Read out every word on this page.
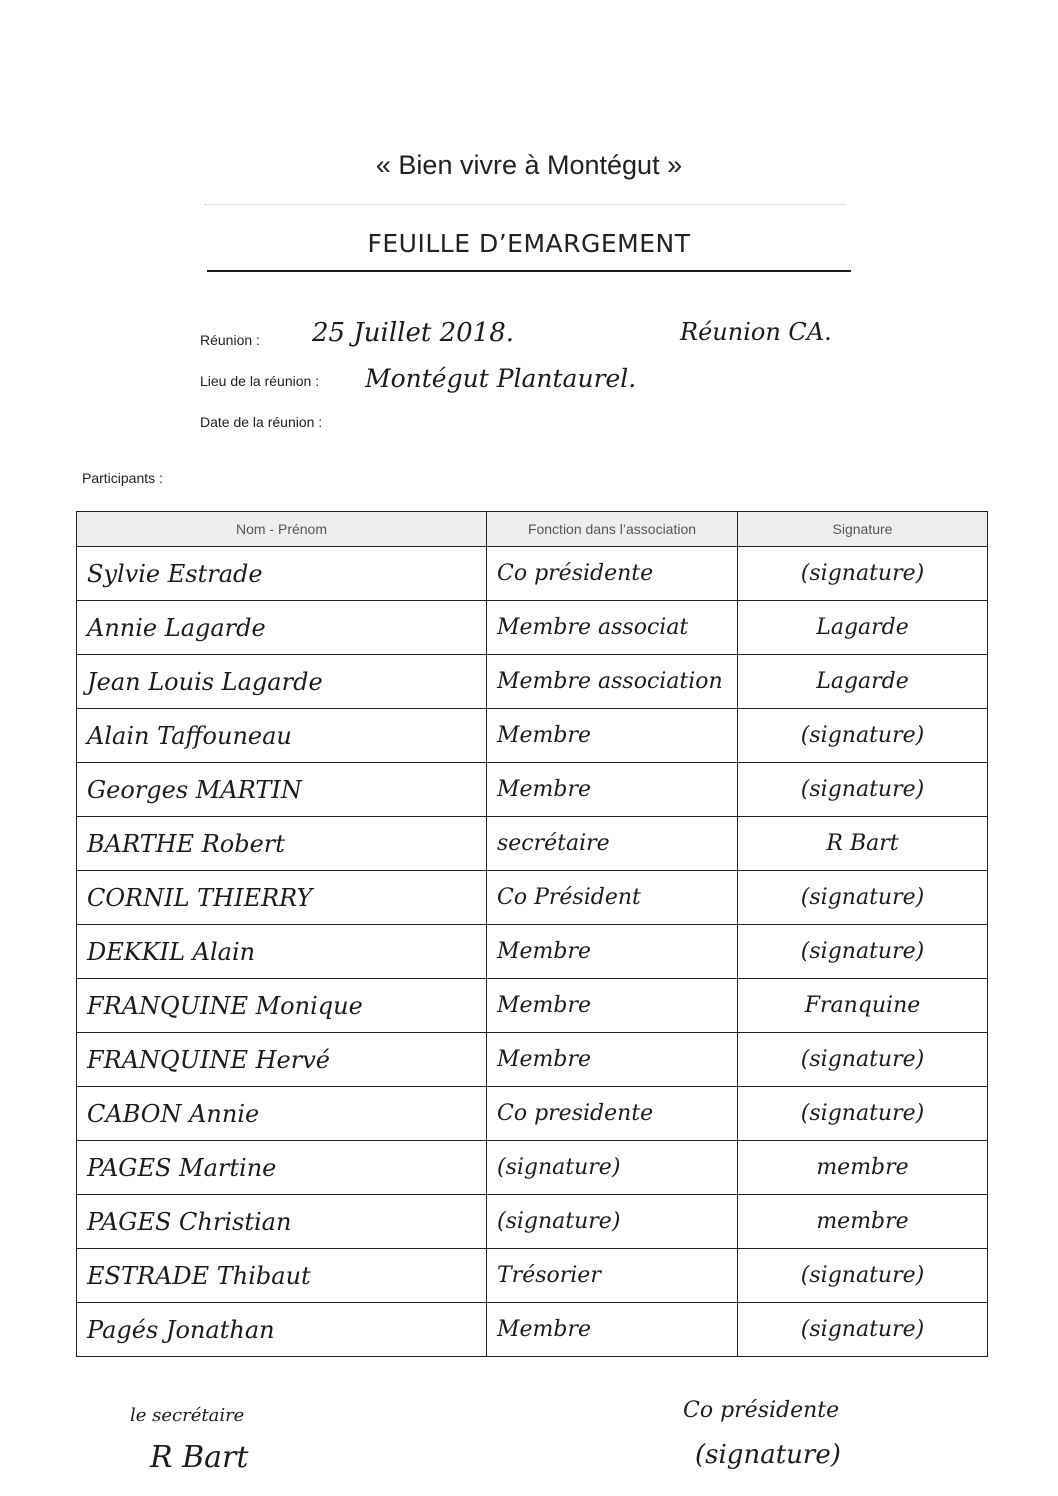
« Bien vivre à Montégut »
FEUILLE D’EMARGEMENT
Réunion : 25 Juillet 2018.	Réunion CA.
Lieu de la réunion : Montégut Plantaurel.
Date de la réunion :
Participants :
Nom - Prénom	Fonction dans l’association	Signature
Sylvie Estrade	Co présidente	(signature)
Annie Lagarde	Membre associat	Lagarde
Jean Louis Lagarde	Membre association	Lagarde
Alain Taffouneau	Membre	(signature)
Georges MARTIN	Membre	(signature)
BARTHE Robert	secrétaire	R Bart
CORNIL THIERRY	Co Président	(signature)
DEKKIL Alain	Membre	(signature)
FRANQUINE Monique	Membre	Franquine
FRANQUINE Hervé	Membre	(signature)
CABON Annie	Co presidente	(signature)
PAGES Martine	(signature)	membre
PAGES Christian	(signature)	membre
ESTRADE Thibaut	Trésorier	(signature)
Pagés Jonathan	Membre	(signature)
le secrétaire
R Bart
Co présidente
(signature)
